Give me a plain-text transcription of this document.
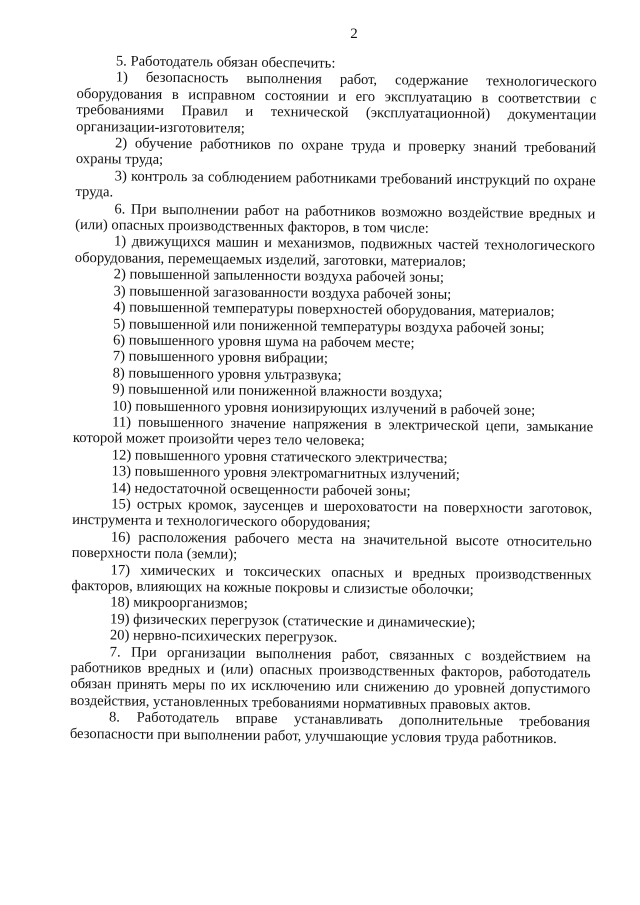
2

5. Работодатель обязан обеспечить:

1) безопасность выполнения работ, содержание технологического оборудования в исправном состоянии и его эксплуатацию в соответствии с требованиями Правил и технической (эксплуатационной) документации организации-изготовителя;

2) обучение работников по охране труда и проверку знаний требований охраны труда;

3) контроль за соблюдением работниками требований инструкций по охране труда.

6. При выполнении работ на работников возможно воздействие вредных и (или) опасных производственных факторов, в том числе:

1) движущихся машин и механизмов, подвижных частей технологического оборудования, перемещаемых изделий, заготовки, материалов;

2) повышенной запыленности воздуха рабочей зоны;

3) повышенной загазованности воздуха рабочей зоны;

4) повышенной температуры поверхностей оборудования, материалов;

5) повышенной или пониженной температуры воздуха рабочей зоны;

6) повышенного уровня шума на рабочем месте;

7) повышенного уровня вибрации;

8) повышенного уровня ультразвука;

9) повышенной или пониженной влажности воздуха;

10) повышенного уровня ионизирующих излучений в рабочей зоне;

11) повышенного значение напряжения в электрической цепи, замыкание которой может произойти через тело человека;

12) повышенного уровня статического электричества;

13) повышенного уровня электромагнитных излучений;

14) недостаточной освещенности рабочей зоны;

15) острых кромок, заусенцев и шероховатости на поверхности заготовок, инструмента и технологического оборудования;

16) расположения рабочего места на значительной высоте относительно поверхности пола (земли);

17) химических и токсических опасных и вредных производственных факторов, влияющих на кожные покровы и слизистые оболочки;

18) микроорганизмов;

19) физических перегрузок (статические и динамические);

20) нервно-психических перегрузок.

7. При организации выполнения работ, связанных с воздействием на работников вредных и (или) опасных производственных факторов, работодатель обязан принять меры по их исключению или снижению до уровней допустимого воздействия, установленных требованиями нормативных правовых актов.

8. Работодатель вправе устанавливать дополнительные требования безопасности при выполнении работ, улучшающие условия труда работников.
